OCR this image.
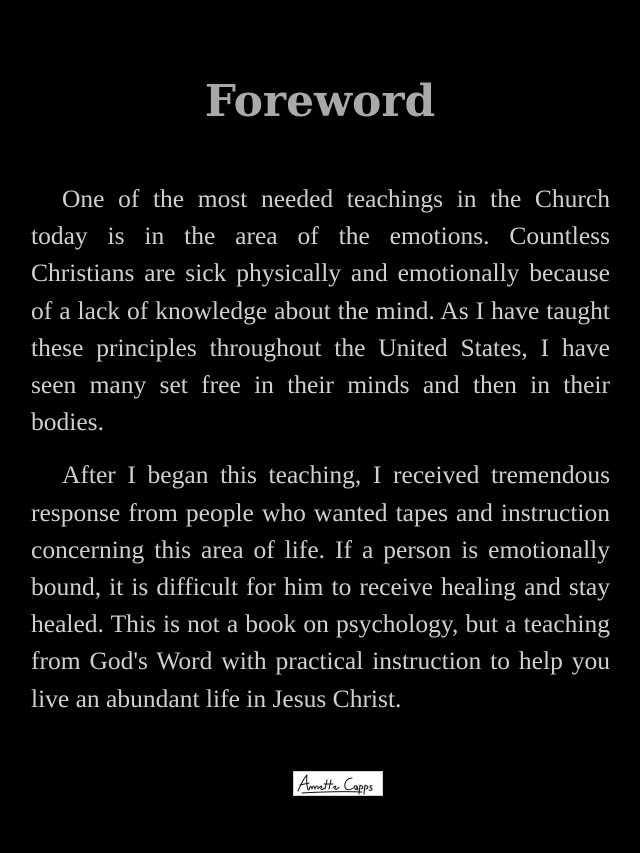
Foreword

One of the most needed teachings in the Church today is in the area of the emotions. Countless Christians are sick physically and emotionally because of a lack of knowledge about the mind. As I have taught these principles throughout the United States, I have seen many set free in their minds and then in their bodies.

After I began this teaching, I received tremendous response from people who wanted tapes and instruction concerning this area of life. If a person is emotionally bound, it is difficult for him to receive healing and stay healed. This is not a book on psychology, but a teaching from God's Word with practical instruction to help you live an abundant life in Jesus Christ.
